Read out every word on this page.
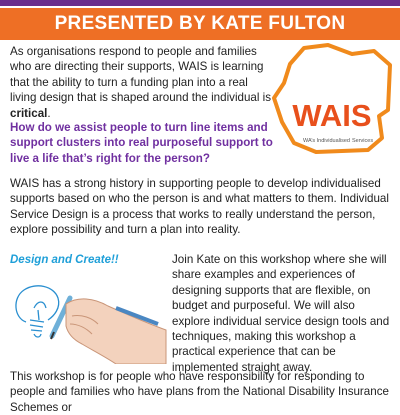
PRESENTED BY KATE FULTON

As organisations respond to people and families who are directing their supports, WAIS is learning that the ability to turn a funding plan into a real living design that is shaped around the individual is critical.

How do we assist people to turn line items and support clusters into real purposeful support to live a life that’s right for the person?

WAIS
WA’s Individualised Services

WAIS has a strong history in supporting people to develop individualised supports based on who the person is and what matters to them. Individual Service Design is a process that works to really understand the person, explore possibility and turn a plan into reality.

Design and Create!!	Join Kate on this workshop where she will share examples and experiences of designing supports that are flexible, on budget and purposeful. We will also explore individual service design tools and techniques, making this workshop a practical experience that can be implemented straight away.

This workshop is for people who have responsibility for responding to people and families who have plans from the National Disability Insurance Schemes or
